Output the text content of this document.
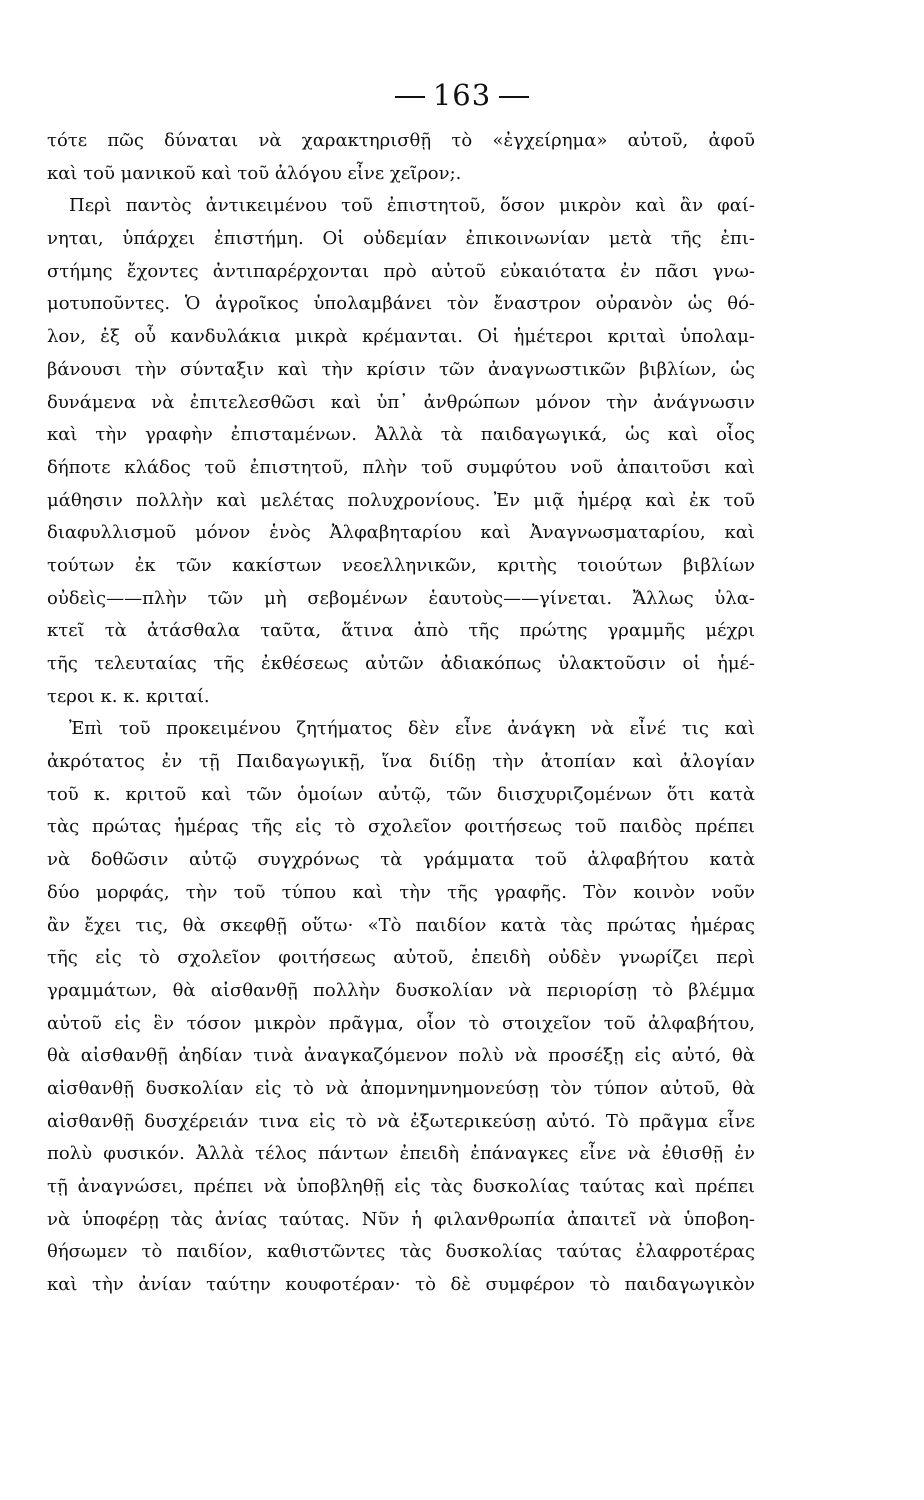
163
τότε πῶς δύναται νὰ χαρακτηρισθῇ τὸ «ἐγχείρημα» αὐτοῦ, ἀφοῦ
καὶ τοῦ μανικοῦ καὶ τοῦ ἀλόγου εἶνε χεῖρον;.
Περὶ παντὸς ἀντικειμένου τοῦ ἐπιστητοῦ, ὅσον μικρὸν καὶ ἂν φαί-
νηται, ὑπάρχει ἐπιστήμη. Οἱ οὐδεμίαν ἐπικοινωνίαν μετὰ τῆς ἐπι-
στήμης ἔχοντες ἀντιπαρέρχονται πρὸ αὐτοῦ εὐκαιότατα ἐν πᾶσι γνω-
μοτυποῦντες. Ὁ ἀγροῖκος ὑπολαμβάνει τὸν ἔναστρον οὐρανὸν ὡς θό-
λον, ἐξ οὗ κανδυλάκια μικρὰ κρέμανται. Οἱ ἡμέτεροι κριταὶ ὑπολαμ-
βάνουσι τὴν σύνταξιν καὶ τὴν κρίσιν τῶν ἀναγνωστικῶν βιβλίων, ὡς
δυνάμενα νὰ ἐπιτελεσθῶσι καὶ ὑπ᾽ ἀνθρώπων μόνον τὴν ἀνάγνωσιν
καὶ τὴν γραφὴν ἐπισταμένων. Ἀλλὰ τὰ παιδαγωγικά, ὡς καὶ οἷος
δήποτε κλάδος τοῦ ἐπιστητοῦ, πλὴν τοῦ συμφύτου νοῦ ἀπαιτοῦσι καὶ
μάθησιν πολλὴν καὶ μελέτας πολυχρονίους. Ἐν μιᾷ ἡμέρᾳ καὶ ἐκ τοῦ
διαφυλλισμοῦ μόνον ἑνὸς Ἀλφαβηταρίου καὶ Ἀναγνωσματαρίου, καὶ
τούτων ἐκ τῶν κακίστων νεοελληνικῶν, κριτὴς τοιούτων βιβλίων
οὐδεὶς——πλὴν τῶν μὴ σεβομένων ἑαυτοὺς——γίνεται. Ἄλλως ὑλα-
κτεῖ τὰ ἀτάσθαλα ταῦτα, ἅτινα ἀπὸ τῆς πρώτης γραμμῆς μέχρι
τῆς τελευταίας τῆς ἐκθέσεως αὐτῶν ἀδιακόπως ὑλακτοῦσιν οἱ ἡμέ-
τεροι κ. κ. κριταί.
Ἐπὶ τοῦ προκειμένου ζητήματος δὲν εἶνε ἀνάγκη νὰ εἶνέ τις καὶ
ἀκρότατος ἐν τῇ Παιδαγωγικῇ, ἵνα διίδῃ τὴν ἀτοπίαν καὶ ἀλογίαν
τοῦ κ. κριτοῦ καὶ τῶν ὁμοίων αὐτῷ, τῶν διισχυριζομένων ὅτι κατὰ
τὰς πρώτας ἡμέρας τῆς εἰς τὸ σχολεῖον φοιτήσεως τοῦ παιδὸς πρέπει
νὰ δοθῶσιν αὐτῷ συγχρόνως τὰ γράμματα τοῦ ἀλφαβήτου κατὰ
δύο μορφάς, τὴν τοῦ τύπου καὶ τὴν τῆς γραφῆς. Τὸν κοινὸν νοῦν
ἂν ἔχει τις, θὰ σκεφθῇ οὕτω· «Τὸ παιδίον κατὰ τὰς πρώτας ἡμέρας
τῆς εἰς τὸ σχολεῖον φοιτήσεως αὐτοῦ, ἐπειδὴ οὐδὲν γνωρίζει περὶ
γραμμάτων, θὰ αἰσθανθῇ πολλὴν δυσκολίαν νὰ περιορίσῃ τὸ βλέμμα
αὐτοῦ εἰς ἓν τόσον μικρὸν πρᾶγμα, οἷον τὸ στοιχεῖον τοῦ ἀλφαβήτου,
θὰ αἰσθανθῇ ἀηδίαν τινὰ ἀναγκαζόμενον πολὺ νὰ προσέξῃ εἰς αὐτό, θὰ
αἰσθανθῇ δυσκολίαν εἰς τὸ νὰ ἀπομνημνημονεύσῃ τὸν τύπον αὐτοῦ, θὰ
αἰσθανθῇ δυσχέρειάν τινα εἰς τὸ νὰ ἐξωτερικεύσῃ αὐτό. Τὸ πρᾶγμα εἶνε
πολὺ φυσικόν. Ἀλλὰ τέλος πάντων ἐπειδὴ ἐπάναγκες εἶνε νὰ ἐθισθῇ ἐν
τῇ ἀναγνώσει, πρέπει νὰ ὑποβληθῇ εἰς τὰς δυσκολίας ταύτας καὶ πρέπει
νὰ ὑποφέρῃ τὰς ἀνίας ταύτας. Νῦν ἡ φιλανθρωπία ἀπαιτεῖ νὰ ὑποβοη-
θήσωμεν τὸ παιδίον, καθιστῶντες τὰς δυσκολίας ταύτας ἐλαφροτέρας
καὶ τὴν ἀνίαν ταύτην κουφοτέραν· τὸ δὲ συμφέρον τὸ παιδαγωγικὸν
